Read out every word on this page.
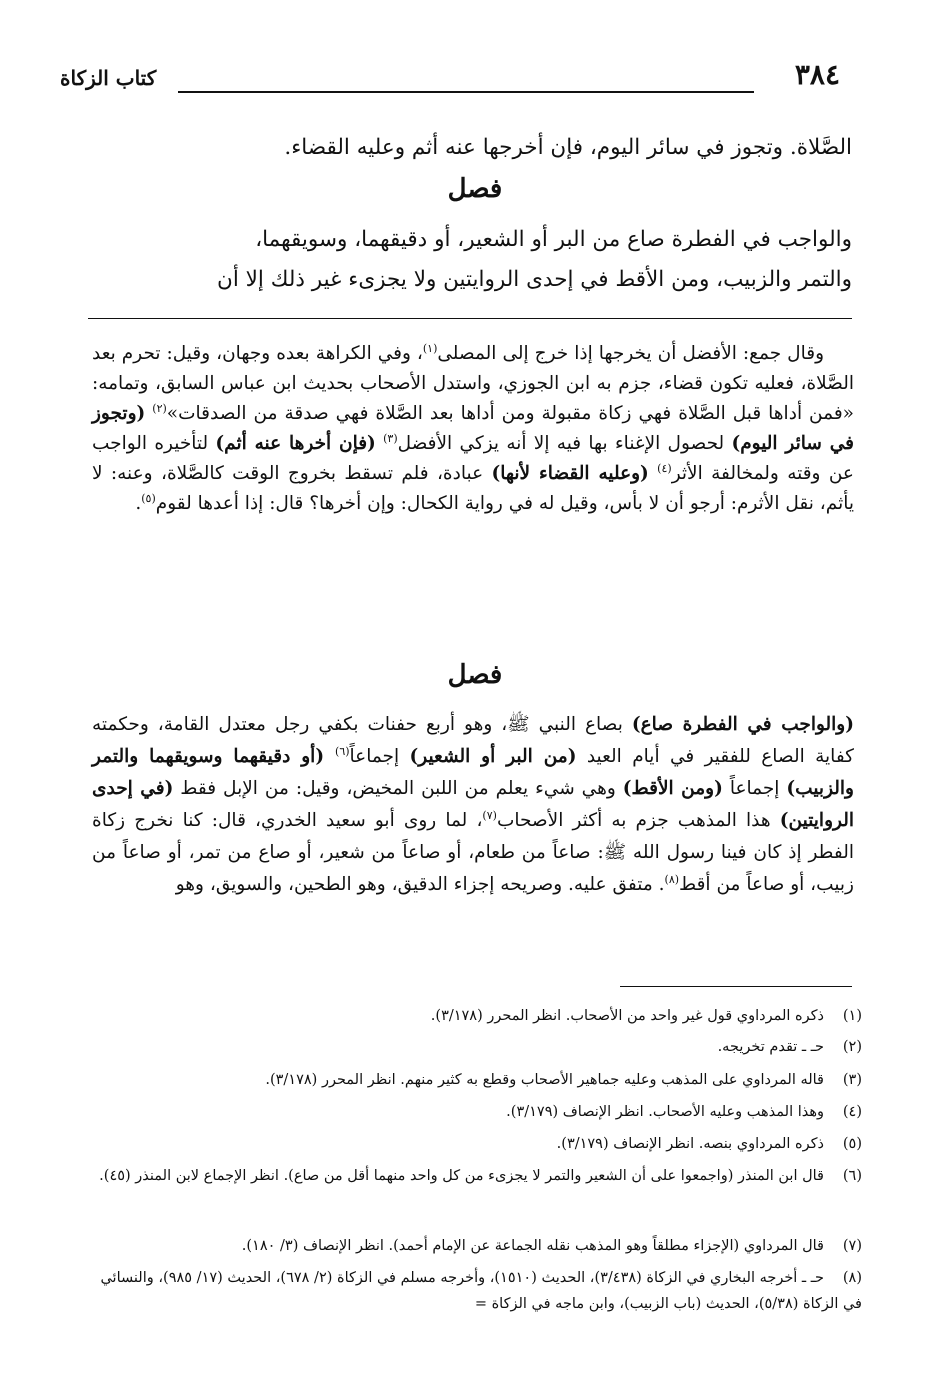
كتاب الزكاة	٣٨٤
الصَّلاة. وتجوز في سائر اليوم، فإن أخرجها عنه أثم وعليه القضاء.
فصل
والواجب في الفطرة صاع من البر أو الشعير، أو دقيقهما، وسويقهما،
والتمر والزبيب، ومن الأقط في إحدى الروايتين ولا يجزىء غير ذلك إلا أن
وقال جمع: الأفضل أن يخرجها إذا خرج إلى المصلى$^{(١)}$، وفي الكراهة بعده وجهان، وقيل: تحرم بعد الصَّلاة، فعليه تكون قضاء، جزم به ابن الجوزي، واستدل الأصحاب بحديث ابن عباس السابق، وتمامه: «فمن أداها قبل الصَّلاة فهي زكاة مقبولة ومن أداها بعد الصَّلاة فهي صدقة من الصدقات»$^{(٢)}$ (وتجوز في سائر اليوم) لحصول الإغناء بها فيه إلا أنه يزكي الأفضل$^{(٣)}$ (فإن أخرها عنه أثم) لتأخيره الواجب عن وقته ولمخالفة الأثر$^{(٤)}$ (وعليه القضاء لأنها) عبادة، فلم تسقط بخروج الوقت كالصَّلاة، وعنه: لا يأثم، نقل الأثرم: أرجو أن لا بأس، وقيل له في رواية الكحال: وإن أخرها؟ قال: إذا أعدها لقوم$^{(٥)}$.
فصل
(والواجب في الفطرة صاع) بصاع النبي ﷺ، وهو أربع حفنات بكفي رجل معتدل القامة، وحكمته كفاية الصاع للفقير في أيام العيد (من البر أو الشعير) إجماعاً$^{(٦)}$ (أو دقيقهما وسويقهما والتمر والزبيب) إجماعاً (ومن الأقط) وهي شيء يعلم من اللبن المخيض، وقيل: من الإبل فقط (في إحدى الروايتين) هذا المذهب جزم به أكثر الأصحاب$^{(٧)}$، لما روى أبو سعيد الخدري، قال: كنا نخرج زكاة الفطر إذ كان فينا رسول الله ﷺ: صاعاً من طعام، أو صاعاً من شعير، أو صاع من تمر، أو صاعاً من زبيب، أو صاعاً من أقط$^{(٨)}$. متفق عليه. وصريحه إجزاء الدقيق، وهو الطحين، والسويق، وهو
(١)ذكره المرداوي قول غير واحد من الأصحاب. انظر المحرر (٣/١٧٨).
(٢)حـ ـ تقدم تخريجه.
(٣)قاله المرداوي على المذهب وعليه جماهير الأصحاب وقطع به كثير منهم. انظر المحرر (٣/١٧٨).
(٤)وهذا المذهب وعليه الأصحاب. انظر الإنصاف (٣/١٧٩).
(٥)ذكره المرداوي بنصه. انظر الإنصاف (٣/١٧٩).
(٦)قال ابن المنذر (واجمعوا على أن الشعير والتمر لا يجزىء من كل واحد منهما أقل من صاع). انظر الإجماع لابن المنذر (٤٥).
(٧)قال المرداوي (الإجزاء مطلقاً وهو المذهب نقله الجماعة عن الإمام أحمد). انظر الإنصاف (٣/ ١٨٠).
(٨)حـ ـ أخرجه البخاري في الزكاة (٣/٤٣٨)، الحديث (١٥١٠)، وأخرجه مسلم في الزكاة (٢/ ٦٧٨)، الحديث (١٧/ ٩٨٥)، والنسائي في الزكاة (٥/٣٨)، الحديث (باب الزبيب)، وابن ماجه في الزكاة =
